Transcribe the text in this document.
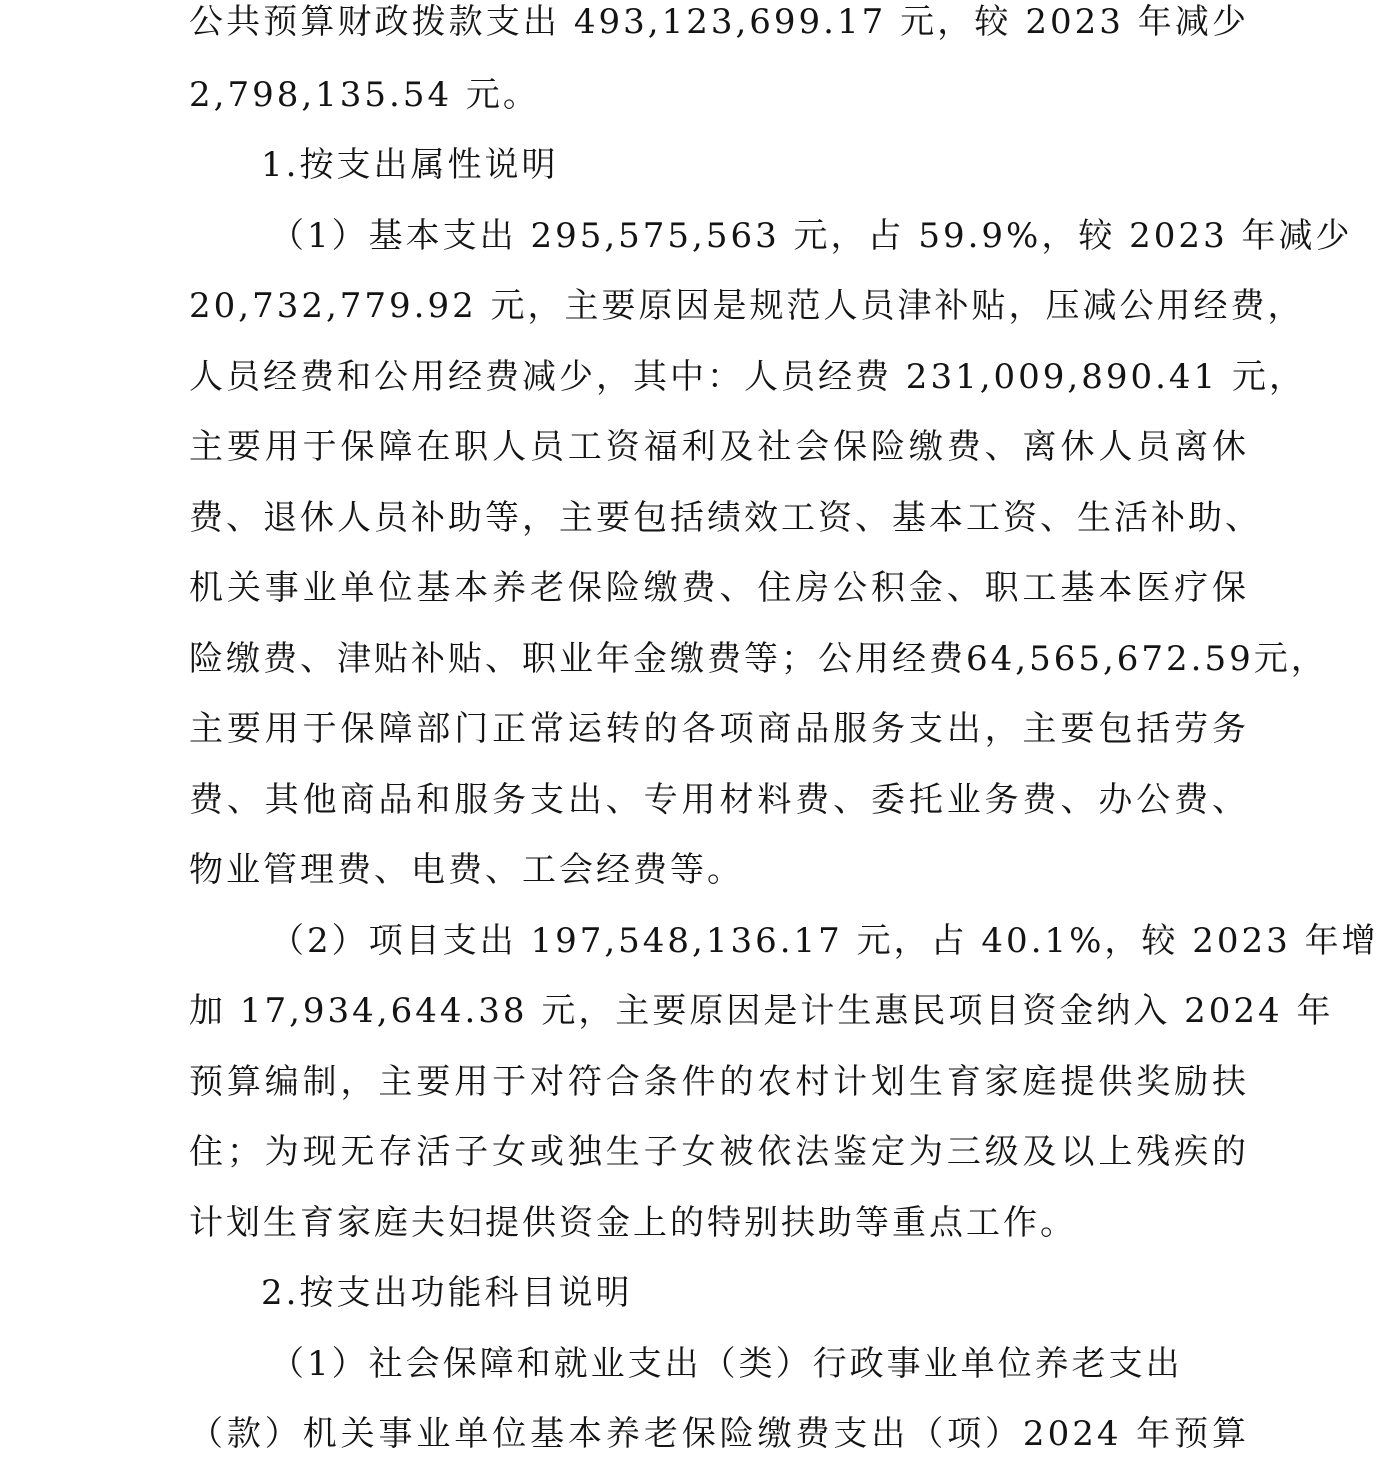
公共预算财政拨款支出 493,123,699.17 元，较 2023 年减少
2,798,135.54 元。
1.按支出属性说明
（1）基本支出 295,575,563 元，占 59.9%，较 2023 年减少
20,732,779.92 元，主要原因是规范人员津补贴，压减公用经费，
人员经费和公用经费减少，其中：人员经费 231,009,890.41 元，
主要用于保障在职人员工资福利及社会保险缴费、离休人员离休
费、退休人员补助等，主要包括绩效工资、基本工资、生活补助、
机关事业单位基本养老保险缴费、住房公积金、职工基本医疗保
险缴费、津贴补贴、职业年金缴费等；公用经费64,565,672.59元，
主要用于保障部门正常运转的各项商品服务支出，主要包括劳务
费、其他商品和服务支出、专用材料费、委托业务费、办公费、
物业管理费、电费、工会经费等。
（2）项目支出 197,548,136.17 元，占 40.1%，较 2023 年增
加 17,934,644.38 元，主要原因是计生惠民项目资金纳入 2024 年
预算编制，主要用于对符合条件的农村计划生育家庭提供奖励扶
住；为现无存活子女或独生子女被依法鉴定为三级及以上残疾的
计划生育家庭夫妇提供资金上的特别扶助等重点工作。
2.按支出功能科目说明
（1）社会保障和就业支出（类）行政事业单位养老支出
（款）机关事业单位基本养老保险缴费支出（项）2024 年预算
